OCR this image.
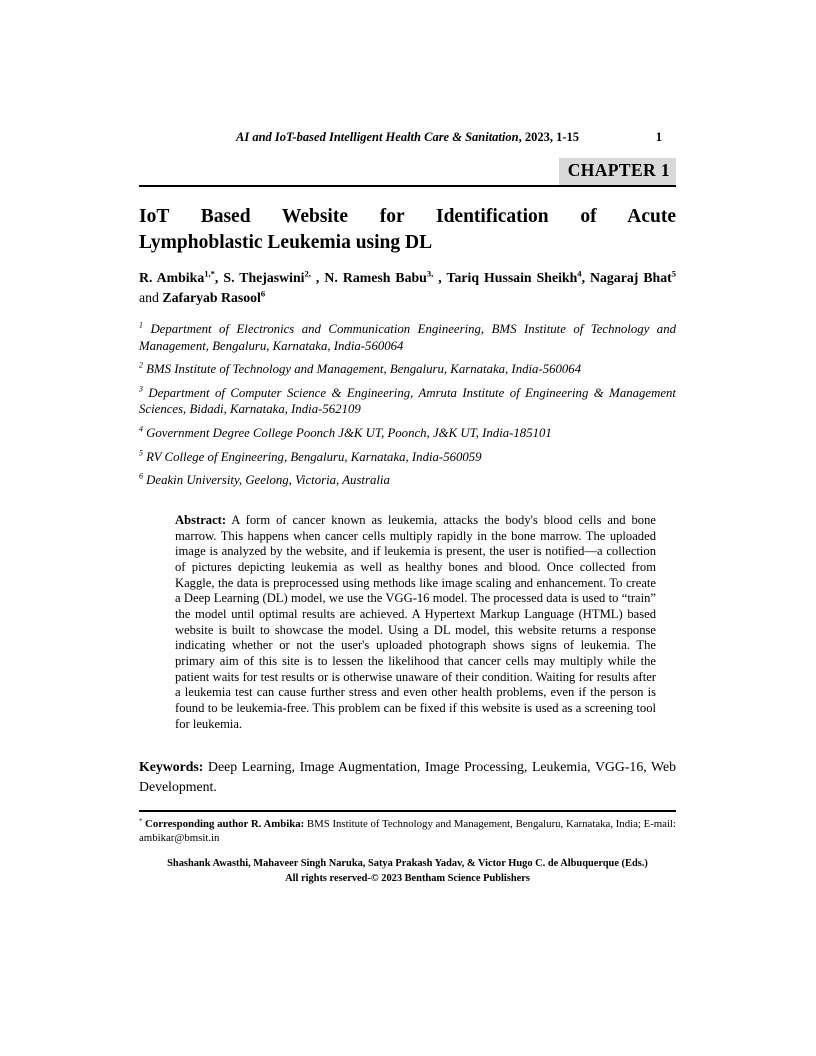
AI and IoT-based Intelligent Health Care & Sanitation, 2023, 1-15	1
CHAPTER 1
IoT Based Website for Identification of Acute
Lymphoblastic Leukemia using DL

R. Ambika$^{1,*}$, S. Thejaswini$^{2,}$ , N. Ramesh Babu$^{3,}$ , Tariq Hussain Sheikh$^4$, Nagaraj Bhat$^5$ and Zafaryab Rasool$^6$

$^1$ Department of Electronics and Communication Engineering, BMS Institute of Technology and Management, Bengaluru, Karnataka, India-560064

$^2$ BMS Institute of Technology and Management, Bengaluru, Karnataka, India-560064

$^3$ Department of Computer Science & Engineering, Amruta Institute of Engineering & Management Sciences, Bidadi, Karnataka, India-562109

$^4$ Government Degree College Poonch J&K UT, Poonch, J&K UT, India-185101

$^5$ RV College of Engineering, Bengaluru, Karnataka, India-560059

$^6$ Deakin University, Geelong, Victoria, Australia

Abstract: A form of cancer known as leukemia, attacks the body's blood cells and bone marrow. This happens when cancer cells multiply rapidly in the bone marrow. The uploaded image is analyzed by the website, and if leukemia is present, the user is notified—a collection of pictures depicting leukemia as well as healthy bones and blood. Once collected from Kaggle, the data is preprocessed using methods like image scaling and enhancement. To create a Deep Learning (DL) model, we use the VGG-16 model. The processed data is used to “train” the model until optimal results are achieved. A Hypertext Markup Language (HTML) based website is built to showcase the model. Using a DL model, this website returns a response indicating whether or not the user's uploaded photograph shows signs of leukemia. The primary aim of this site is to lessen the likelihood that cancer cells may multiply while the patient waits for test results or is otherwise unaware of their condition. Waiting for results after a leukemia test can cause further stress and even other health problems, even if the person is found to be leukemia-free. This problem can be fixed if this website is used as a screening tool for leukemia.

Keywords: Deep Learning, Image Augmentation, Image Processing, Leukemia, VGG-16, Web Development.

* Corresponding author R. Ambika: BMS Institute of Technology and Management, Bengaluru, Karnataka, India; E-mail: ambikar@bmsit.in
Shashank Awasthi, Mahaveer Singh Naruka, Satya Prakash Yadav, & Victor Hugo C. de Albuquerque (Eds.)
All rights reserved-© 2023 Bentham Science Publishers
